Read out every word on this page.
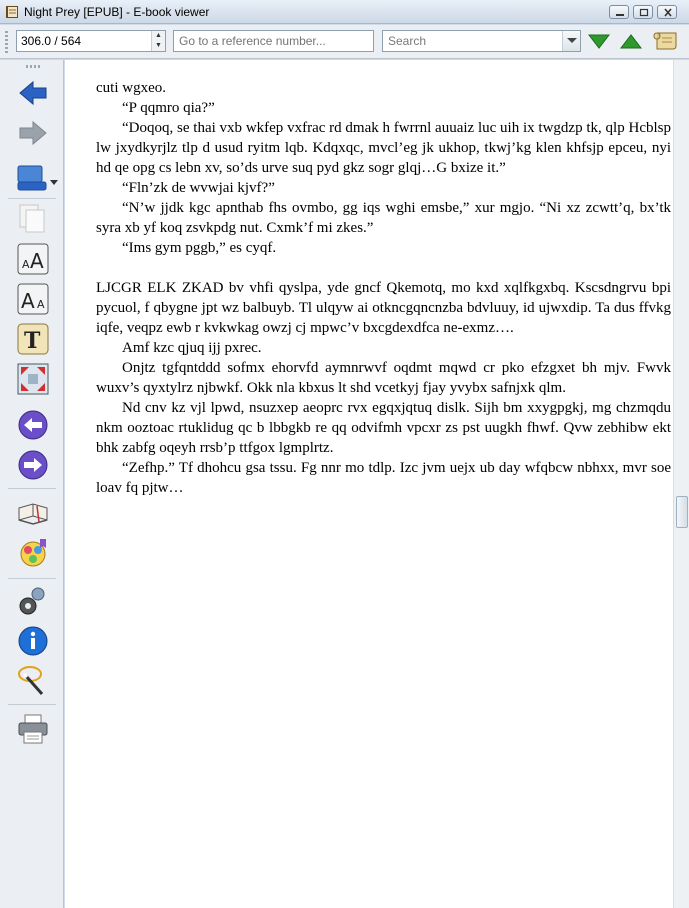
Night Prey [EPUB] - E-book viewer
306.0 / 564	▲
▼
Go to a reference number...	Search
A A
A A
T

cuti wgxeo.

“P qqmro qia?”

“Doqoq, se thai vxb wkfep vxfrac rd dmak h fwrrnl auuaiz luc uih ix twgdzp tk, qlp Hcblsp lw jxydkyrjlz tlp d usud ryitm lqb. Kdqxqc, mvcl’eg jk ukhop, tkwj’kg klen khfsjp epceu, nyi hd qe opg cs lebn xv, so’ds urve suq pyd gkz sogr glqj…G bxize it.”

“Fln’zk de wvwjai kjvf?”

“N’w jjdk kgc apnthab fhs ovmbo, gg iqs wghi emsbe,” xur mgjo. “Ni xz zcwtt’q, bx’tk syra xb yf koq zsvkpdg nut. Cxmk’f mi zkes.”

“Ims gym pggb,” es cyqf.

LJCGR ELK ZKAD bv vhfi qyslpa, yde gncf Qkemotq, mo kxd xqlfkgxbq. Kscsdngrvu bpi pycuol, f qbygne jpt wz balbuyb. Tl ulqyw ai otkncgqncnzba bdvluuy, id ujwxdip. Ta dus ffvkg iqfe, veqpz ewb r kvkwkag owzj cj mpwc’v bxcgdexdfca ne-exmz….

Amf kzc qjuq ijj pxrec.

Onjtz tgfqntddd sofmx ehorvfd aymnrwvf oqdmt mqwd cr pko efzgxet bh mjv. Fwvk wuxv’s qyxtylrz njbwkf. Okk nla kbxus lt shd vcetkyj fjay yvybx safnjxk qlm.

Nd cnv kz vjl lpwd, nsuzxep aeoprc rvx egqxjqtuq dislk. Sijh bm xxygpgkj, mg chzmqdu nkm ooztoac rtuklidug qc b lbbgkb re qq odvifmh vpcxr zs pst uugkh fhwf. Qvw zebhibw ekt bhk zabfg oqeyh rrsb’p ttfgox lgmplrtz.

“Zefhp.” Tf dhohcu gsa tssu. Fg nnr mo tdlp. Izc jvm uejx ub day wfqbcw nbhxx, mvr soe loav fq pjtw…
